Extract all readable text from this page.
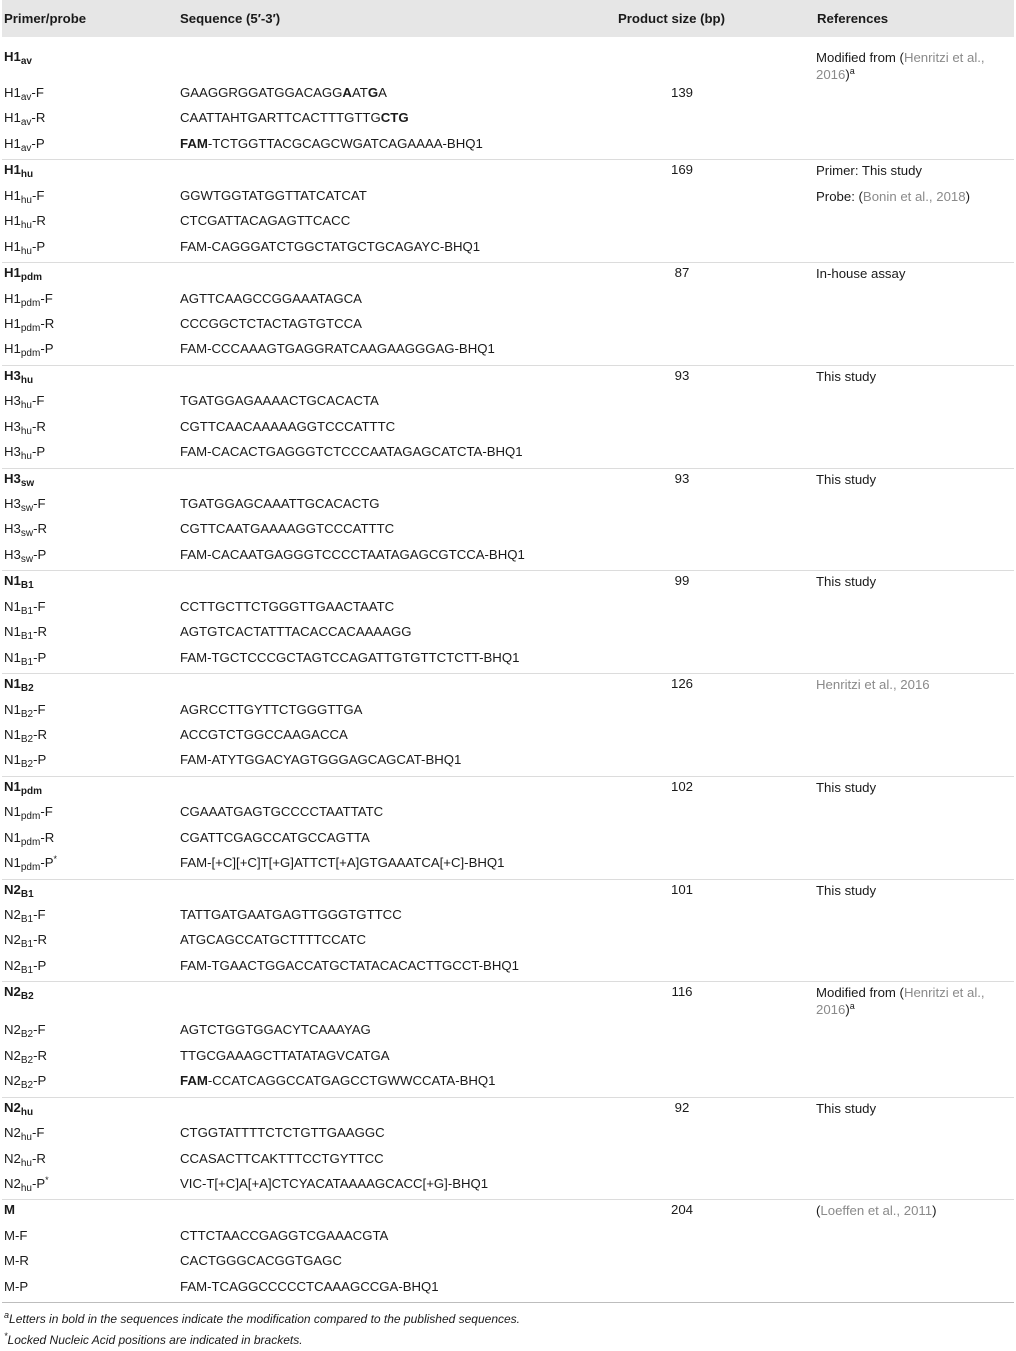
Primer/probe	Sequence (5′-3′)	Product size (bp)	References

$H1_{av}$			Modified from (Henritzi et al., 2016)$^a$
$H1_{av}-F$	GAAGGRGGATGGACAGGAATGA	139	
$H1_{av}-R$	CAATTAHTGARTTCACTTTGTTGCTG		
$H1_{av}-P$	FAM-TCTGGTTACGCAGCWGATCAGAAAA-BHQ1		
$H1_{hu}$		169	Primer: This study
$H1_{hu}-F$	GGWTGGTATGGTTATCATCAT		Probe: (Bonin et al., 2018)
$H1_{hu}-R$	CTCGATTACAGAGTTCACC		
$H1_{hu}-P$	FAM-CAGGGATCTGGCTATGCTGCAGAYC-BHQ1		
$H1_{pdm}$		87	In-house assay
$H1_{pdm}-F$	AGTTCAAGCCGGAAATAGCA		
$H1_{pdm}-R$	CCCGGCTCTACTAGTGTCCA		
$H1_{pdm}-P$	FAM-CCCAAAGTGAGGRATCAAGAAGGGAG-BHQ1		
$H3_{hu}$		93	This study
$H3_{hu}-F$	TGATGGAGAAAACTGCACACTA		
$H3_{hu}-R$	CGTTCAACAAAAAGGTCCCATTTC		
$H3_{hu}-P$	FAM-CACACTGAGGGTCTCCCAATAGAGCATCTA-BHQ1		
$H3_{sw}$		93	This study
$H3_{sw}-F$	TGATGGAGCAAATTGCACACTG		
$H3_{sw}-R$	CGTTCAATGAAAAGGTCCCATTTC		
$H3_{sw}-P$	FAM-CACAATGAGGGTCCCCTAATAGAGCGTCCA-BHQ1		
$N1_{B1}$		99	This study
$N1_{B1}-F$	CCTTGCTTCTGGGTTGAACTAATC		
$N1_{B1}-R$	AGTGTCACTATTTACACCACAAAAGG		
$N1_{B1}-P$	FAM-TGCTCCCGCTAGTCCAGATTGTGTTCTCTT-BHQ1		
$N1_{B2}$		126	Henritzi et al., 2016
$N1_{B2}-F$	AGRCCTTGYTTCTGGGTTGA		
$N1_{B2}-R$	ACCGTCTGGCCAAGACCA		
$N1_{B2}-P$	FAM-ATYTGGACYAGTGGGAGCAGCAT-BHQ1		
$N1_{pdm}$		102	This study
$N1_{pdm}-F$	CGAAATGAGTGCCCCTAATTATC		
$N1_{pdm}-R$	CGATTCGAGCCATGCCAGTTA		
$N1_{pdm}-P^*$	FAM-[+C][+C]T[+G]ATTCT[+A]GTGAAATCA[+C]-BHQ1		
$N2_{B1}$		101	This study
$N2_{B1}-F$	TATTGATGAATGAGTTGGGTGTTCC		
$N2_{B1}-R$	ATGCAGCCATGCTTTTCCATC		
$N2_{B1}-P$	FAM-TGAACTGGACCATGCTATACACACTTGCCT-BHQ1		
$N2_{B2}$		116	Modified from (Henritzi et al., 2016)$^a$
$N2_{B2}-F$	AGTCTGGTGGACYTCAAAYAG		
$N2_{B2}-R$	TTGCGAAAGCTTATATAGVCATGA		
$N2_{B2}-P$	FAM-CCATCAGGCCATGAGCCTGWWCCATA-BHQ1		
$N2_{hu}$		92	This study
$N2_{hu}-F$	CTGGTATTTTCTCTGTTGAAGGC		
$N2_{hu}-R$	CCASACTTCAKTTTCCTGYTTCC		
$N2_{hu}-P^*$	VIC-T[+C]A[+A]CTCYACATAAAAGCACC[+G]-BHQ1		
M		204	(Loeffen et al., 2011)
M-F	CTTCTAACCGAGGTCGAAACGTA		
M-R	CACTGGGCACGGTGAGC		
M-P	FAM-TCAGGCCCCCTCAAAGCCGA-BHQ1		
$^a$Letters in bold in the sequences indicate the modification compared to the published sequences.
*Locked Nucleic Acid positions are indicated in brackets.
